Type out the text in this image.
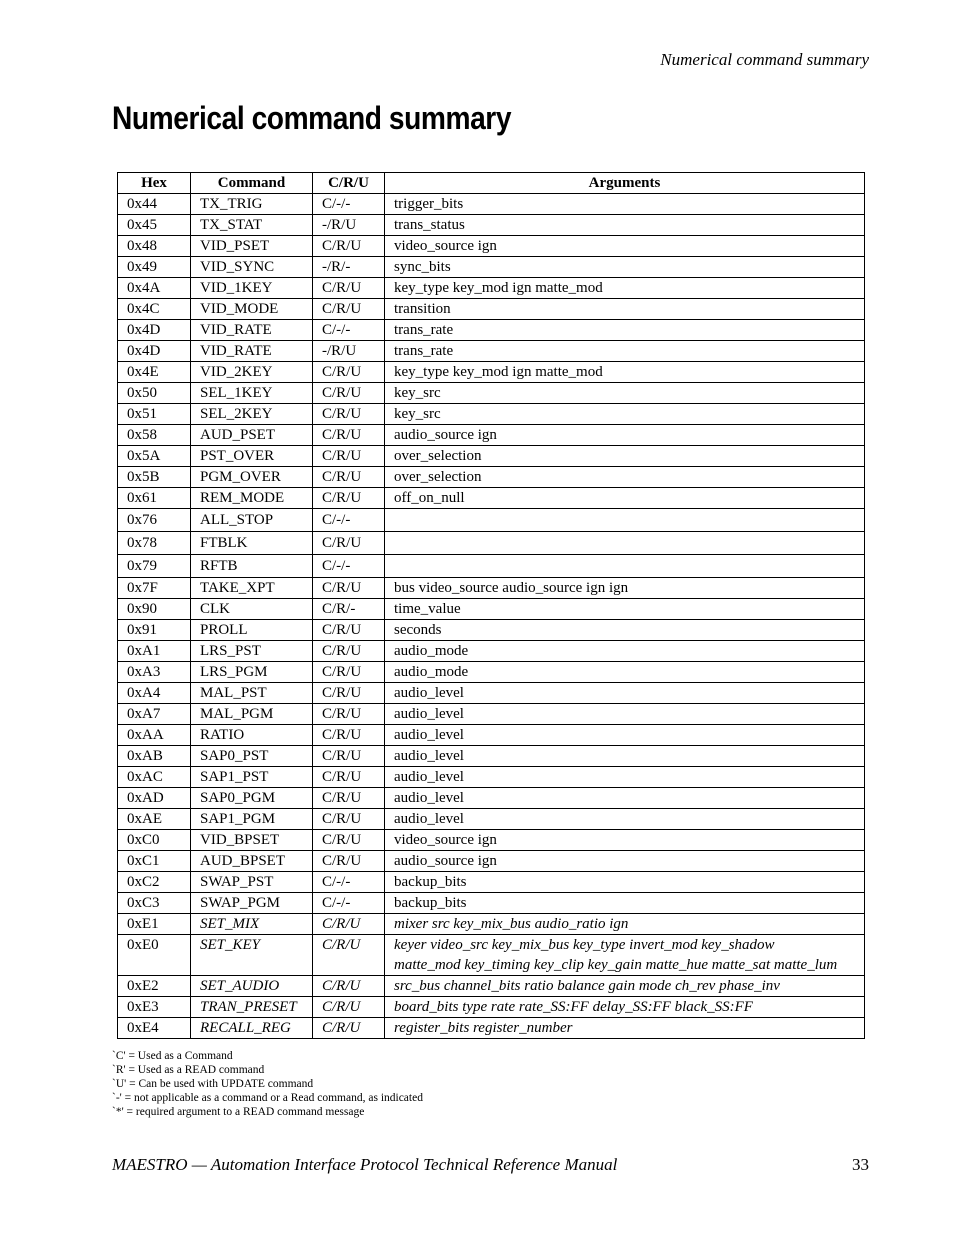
Numerical command summary
Numerical command summary
Hex	Command	C/R/U	Arguments
0x44	TX_TRIG	C/-/-	trigger_bits
0x45	TX_STAT	-/R/U	trans_status
0x48	VID_PSET	C/R/U	video_source ign
0x49	VID_SYNC	-/R/-	sync_bits
0x4A	VID_1KEY	C/R/U	key_type key_mod ign matte_mod
0x4C	VID_MODE	C/R/U	transition
0x4D	VID_RATE	C/-/-	trans_rate
0x4D	VID_RATE	-/R/U	trans_rate
0x4E	VID_2KEY	C/R/U	key_type key_mod ign matte_mod
0x50	SEL_1KEY	C/R/U	key_src
0x51	SEL_2KEY	C/R/U	key_src
0x58	AUD_PSET	C/R/U	audio_source ign
0x5A	PST_OVER	C/R/U	over_selection
0x5B	PGM_OVER	C/R/U	over_selection
0x61	REM_MODE	C/R/U	off_on_null
0x76	ALL_STOP	C/-/-	
0x78	FTBLK	C/R/U	
0x79	RFTB	C/-/-	
0x7F	TAKE_XPT	C/R/U	bus video_source audio_source ign ign
0x90	CLK	C/R/-	time_value
0x91	PROLL	C/R/U	seconds
0xA1	LRS_PST	C/R/U	audio_mode
0xA3	LRS_PGM	C/R/U	audio_mode
0xA4	MAL_PST	C/R/U	audio_level
0xA7	MAL_PGM	C/R/U	audio_level
0xAA	RATIO	C/R/U	audio_level
0xAB	SAP0_PST	C/R/U	audio_level
0xAC	SAP1_PST	C/R/U	audio_level
0xAD	SAP0_PGM	C/R/U	audio_level
0xAE	SAP1_PGM	C/R/U	audio_level
0xC0	VID_BPSET	C/R/U	video_source ign
0xC1	AUD_BPSET	C/R/U	audio_source ign
0xC2	SWAP_PST	C/-/-	backup_bits
0xC3	SWAP_PGM	C/-/-	backup_bits
0xE1	SET_MIX	C/R/U	mixer src key_mix_bus audio_ratio ign
0xE0	SET_KEY	C/R/U	keyer video_src key_mix_bus key_type invert_mod key_shadow
matte_mod key_timing key_clip key_gain matte_hue matte_sat matte_lum
0xE2	SET_AUDIO	C/R/U	src_bus channel_bits ratio balance gain mode ch_rev phase_inv
0xE3	TRAN_PRESET	C/R/U	board_bits type rate rate_SS:FF delay_SS:FF black_SS:FF
0xE4	RECALL_REG	C/R/U	register_bits register_number
`C' = Used as a Command
`R' = Used as a READ command
`U' = Can be used with UPDATE command
`-' = not applicable as a command or a Read command, as indicated
`*' = required argument to a READ command message
MAESTRO — Automation Interface Protocol Technical Reference Manual	33
